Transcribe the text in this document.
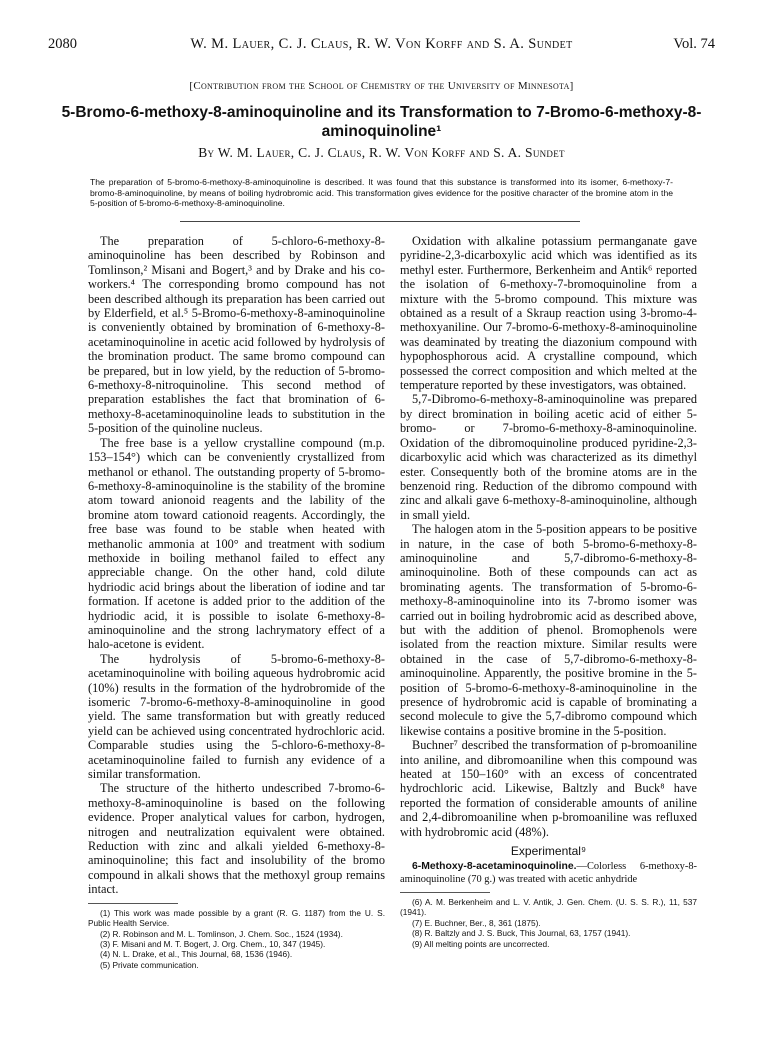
2080	W. M. Lauer, C. J. Claus, R. W. Von Korff and S. A. Sundet	Vol. 74
[Contribution from the School of Chemistry of the University of Minnesota]
5-Bromo-6-methoxy-8-aminoquinoline and its Transformation to 7-Bromo-6-methoxy-8-aminoquinoline¹
By W. M. Lauer, C. J. Claus, R. W. Von Korff and S. A. Sundet
The preparation of 5-bromo-6-methoxy-8-aminoquinoline is described. It was found that this substance is transformed into its isomer, 6-methoxy-7-bromo-8-aminoquinoline, by means of boiling hydrobromic acid. This transformation gives evidence for the positive character of the bromine atom in the 5-position of 5-bromo-6-methoxy-8-aminoquinoline.

The preparation of 5-chloro-6-methoxy-8-aminoquinoline has been described by Robinson and Tomlinson,² Misani and Bogert,³ and by Drake and his co-workers.⁴ The corresponding bromo compound has not been described although its preparation has been carried out by Elderfield, et al.⁵ 5-Bromo-6-methoxy-8-aminoquinoline is conveniently obtained by bromination of 6-methoxy-8-acetaminoquinoline in acetic acid followed by hydrolysis of the bromination product. The same bromo compound can be prepared, but in low yield, by the reduction of 5-bromo-6-methoxy-8-nitroquinoline. This second method of preparation establishes the fact that bromination of 6-methoxy-8-acetaminoquinoline leads to substitution in the 5-position of the quinoline nucleus.

The free base is a yellow crystalline compound (m.p. 153–154°) which can be conveniently crystallized from methanol or ethanol. The outstanding property of 5-bromo-6-methoxy-8-aminoquinoline is the stability of the bromine atom toward anionoid reagents and the lability of the bromine atom toward cationoid reagents. Accordingly, the free base was found to be stable when heated with methanolic ammonia at 100° and treatment with sodium methoxide in boiling methanol failed to effect any appreciable change. On the other hand, cold dilute hydriodic acid brings about the liberation of iodine and tar formation. If acetone is added prior to the addition of the hydriodic acid, it is possible to isolate 6-methoxy-8-aminoquinoline and the strong lachrymatory effect of a halo-acetone is evident.

The hydrolysis of 5-bromo-6-methoxy-8-acetaminoquinoline with boiling aqueous hydrobromic acid (10%) results in the formation of the hydrobromide of the isomeric 7-bromo-6-methoxy-8-aminoquinoline in good yield. The same transformation but with greatly reduced yield can be achieved using concentrated hydrochloric acid. Comparable studies using the 5-chloro-6-methoxy-8-acetaminoquinoline failed to furnish any evidence of a similar transformation.

The structure of the hitherto undescribed 7-bromo-6-methoxy-8-aminoquinoline is based on the following evidence. Proper analytical values for carbon, hydrogen, nitrogen and neutralization equivalent were obtained. Reduction with zinc and alkali yielded 6-methoxy-8-aminoquinoline; this fact and insolubility of the bromo compound in alkali shows that the methoxyl group remains intact.

(1) This work was made possible by a grant (R. G. 1187) from the U. S. Public Health Service.

(2) R. Robinson and M. L. Tomlinson, J. Chem. Soc., 1524 (1934).

(3) F. Misani and M. T. Bogert, J. Org. Chem., 10, 347 (1945).

(4) N. L. Drake, et al., This Journal, 68, 1536 (1946).

(5) Private communication.

Oxidation with alkaline potassium permanganate gave pyridine-2,3-dicarboxylic acid which was identified as its methyl ester. Furthermore, Berkenheim and Antik⁶ reported the isolation of 6-methoxy-7-bromoquinoline from a mixture with the 5-bromo compound. This mixture was obtained as a result of a Skraup reaction using 3-bromo-4-methoxyaniline. Our 7-bromo-6-methoxy-8-aminoquinoline was deaminated by treating the diazonium compound with hypophosphorous acid. A crystalline compound, which possessed the correct composition and which melted at the temperature reported by these investigators, was obtained.

5,7-Dibromo-6-methoxy-8-aminoquinoline was prepared by direct bromination in boiling acetic acid of either 5-bromo- or 7-bromo-6-methoxy-8-aminoquinoline. Oxidation of the dibromoquinoline produced pyridine-2,3-dicarboxylic acid which was characterized as its dimethyl ester. Consequently both of the bromine atoms are in the benzenoid ring. Reduction of the dibromo compound with zinc and alkali gave 6-methoxy-8-aminoquinoline, although in small yield.

The halogen atom in the 5-position appears to be positive in nature, in the case of both 5-bromo-6-methoxy-8-aminoquinoline and 5,7-dibromo-6-methoxy-8-aminoquinoline. Both of these compounds can act as brominating agents. The transformation of 5-bromo-6-methoxy-8-aminoquinoline into its 7-bromo isomer was carried out in boiling hydrobromic acid as described above, but with the addition of phenol. Bromophenols were isolated from the reaction mixture. Similar results were obtained in the case of 5,7-dibromo-6-methoxy-8-aminoquinoline. Apparently, the positive bromine in the 5-position of 5-bromo-6-methoxy-8-aminoquinoline in the presence of hydrobromic acid is capable of brominating a second molecule to give the 5,7-dibromo compound which likewise contains a positive bromine in the 5-position.

Buchner⁷ described the transformation of p-bromoaniline into aniline, and dibromoaniline when this compound was heated at 150–160° with an excess of concentrated hydrochloric acid. Likewise, Baltzly and Buck⁸ have reported the formation of considerable amounts of aniline and 2,4-dibromoaniline when p-bromoaniline was refluxed with hydrobromic acid (48%).

Experimental⁹

6-Methoxy-8-acetaminoquinoline.—Colorless 6-methoxy-8-aminoquinoline (70 g.) was treated with acetic anhydride

(6) A. M. Berkenheim and L. V. Antik, J. Gen. Chem. (U. S. S. R.), 11, 537 (1941).

(7) E. Buchner, Ber., 8, 361 (1875).

(8) R. Baltzly and J. S. Buck, This Journal, 63, 1757 (1941).

(9) All melting points are uncorrected.
